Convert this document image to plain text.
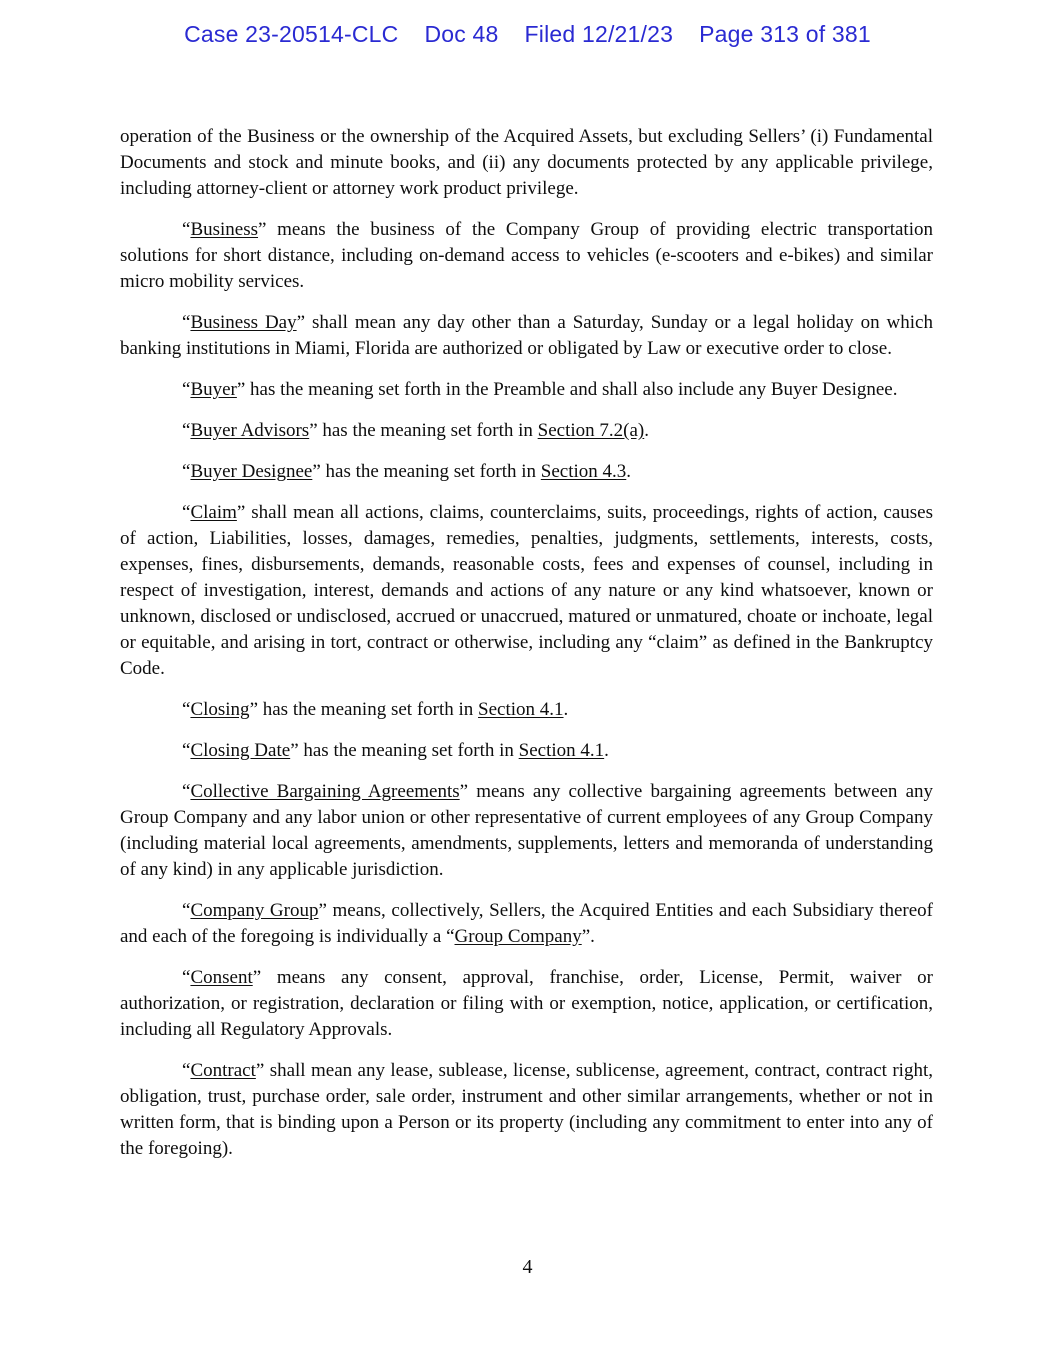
Case 23-20514-CLC Doc 48 Filed 12/21/23 Page 313 of 381

operation of the Business or the ownership of the Acquired Assets, but excluding Sellers’ (i) Fundamental Documents and stock and minute books, and (ii) any documents protected by any applicable privilege, including attorney-client or attorney work product privilege.

“Business” means the business of the Company Group of providing electric transportation solutions for short distance, including on-demand access to vehicles (e-scooters and e-bikes) and similar micro mobility services.

“Business Day” shall mean any day other than a Saturday, Sunday or a legal holiday on which banking institutions in Miami, Florida are authorized or obligated by Law or executive order to close.

“Buyer” has the meaning set forth in the Preamble and shall also include any Buyer Designee.

“Buyer Advisors” has the meaning set forth in Section 7.2(a).

“Buyer Designee” has the meaning set forth in Section 4.3.

“Claim” shall mean all actions, claims, counterclaims, suits, proceedings, rights of action, causes of action, Liabilities, losses, damages, remedies, penalties, judgments, settlements, interests, costs, expenses, fines, disbursements, demands, reasonable costs, fees and expenses of counsel, including in respect of investigation, interest, demands and actions of any nature or any kind whatsoever, known or unknown, disclosed or undisclosed, accrued or unaccrued, matured or unmatured, choate or inchoate, legal or equitable, and arising in tort, contract or otherwise, including any “claim” as defined in the Bankruptcy Code.

“Closing” has the meaning set forth in Section 4.1.

“Closing Date” has the meaning set forth in Section 4.1.

“Collective Bargaining Agreements” means any collective bargaining agreements between any Group Company and any labor union or other representative of current employees of any Group Company (including material local agreements, amendments, supplements, letters and memoranda of understanding of any kind) in any applicable jurisdiction.

“Company Group” means, collectively, Sellers, the Acquired Entities and each Subsidiary thereof and each of the foregoing is individually a “Group Company”.

“Consent” means any consent, approval, franchise, order, License, Permit, waiver or authorization, or registration, declaration or filing with or exemption, notice, application, or certification, including all Regulatory Approvals.

“Contract” shall mean any lease, sublease, license, sublicense, agreement, contract, contract right, obligation, trust, purchase order, sale order, instrument and other similar arrangements, whether or not in written form, that is binding upon a Person or its property (including any commitment to enter into any of the foregoing).

4
